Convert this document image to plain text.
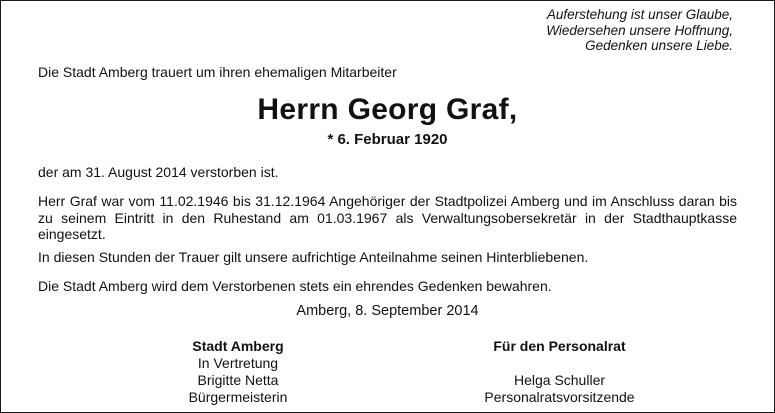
Auferstehung ist unser Glaube,
Wiedersehen unsere Hoffnung,
Gedenken unsere Liebe.
Die Stadt Amberg trauert um ihren ehemaligen Mitarbeiter
Herrn Georg Graf,
* 6. Februar 1920
der am 31. August 2014 verstorben ist.
Herr Graf war vom 11.02.1946 bis 31.12.1964 Angehöriger der Stadtpolizei Amberg und im Anschluss daran bis zu seinem Eintritt in den Ruhestand am 01.03.1967 als Verwaltungsobersekretär in der Stadthauptkasse eingesetzt.
In diesen Stunden der Trauer gilt unsere aufrichtige Anteilnahme seinen Hinterbliebenen.
Die Stadt Amberg wird dem Verstorbenen stets ein ehrendes Gedenken bewahren.
Amberg, 8. September 2014
Stadt Amberg
In Vertretung
Brigitte Netta
Bürgermeisterin
Für den Personalrat

Helga Schuller
Personalratsvorsitzende
